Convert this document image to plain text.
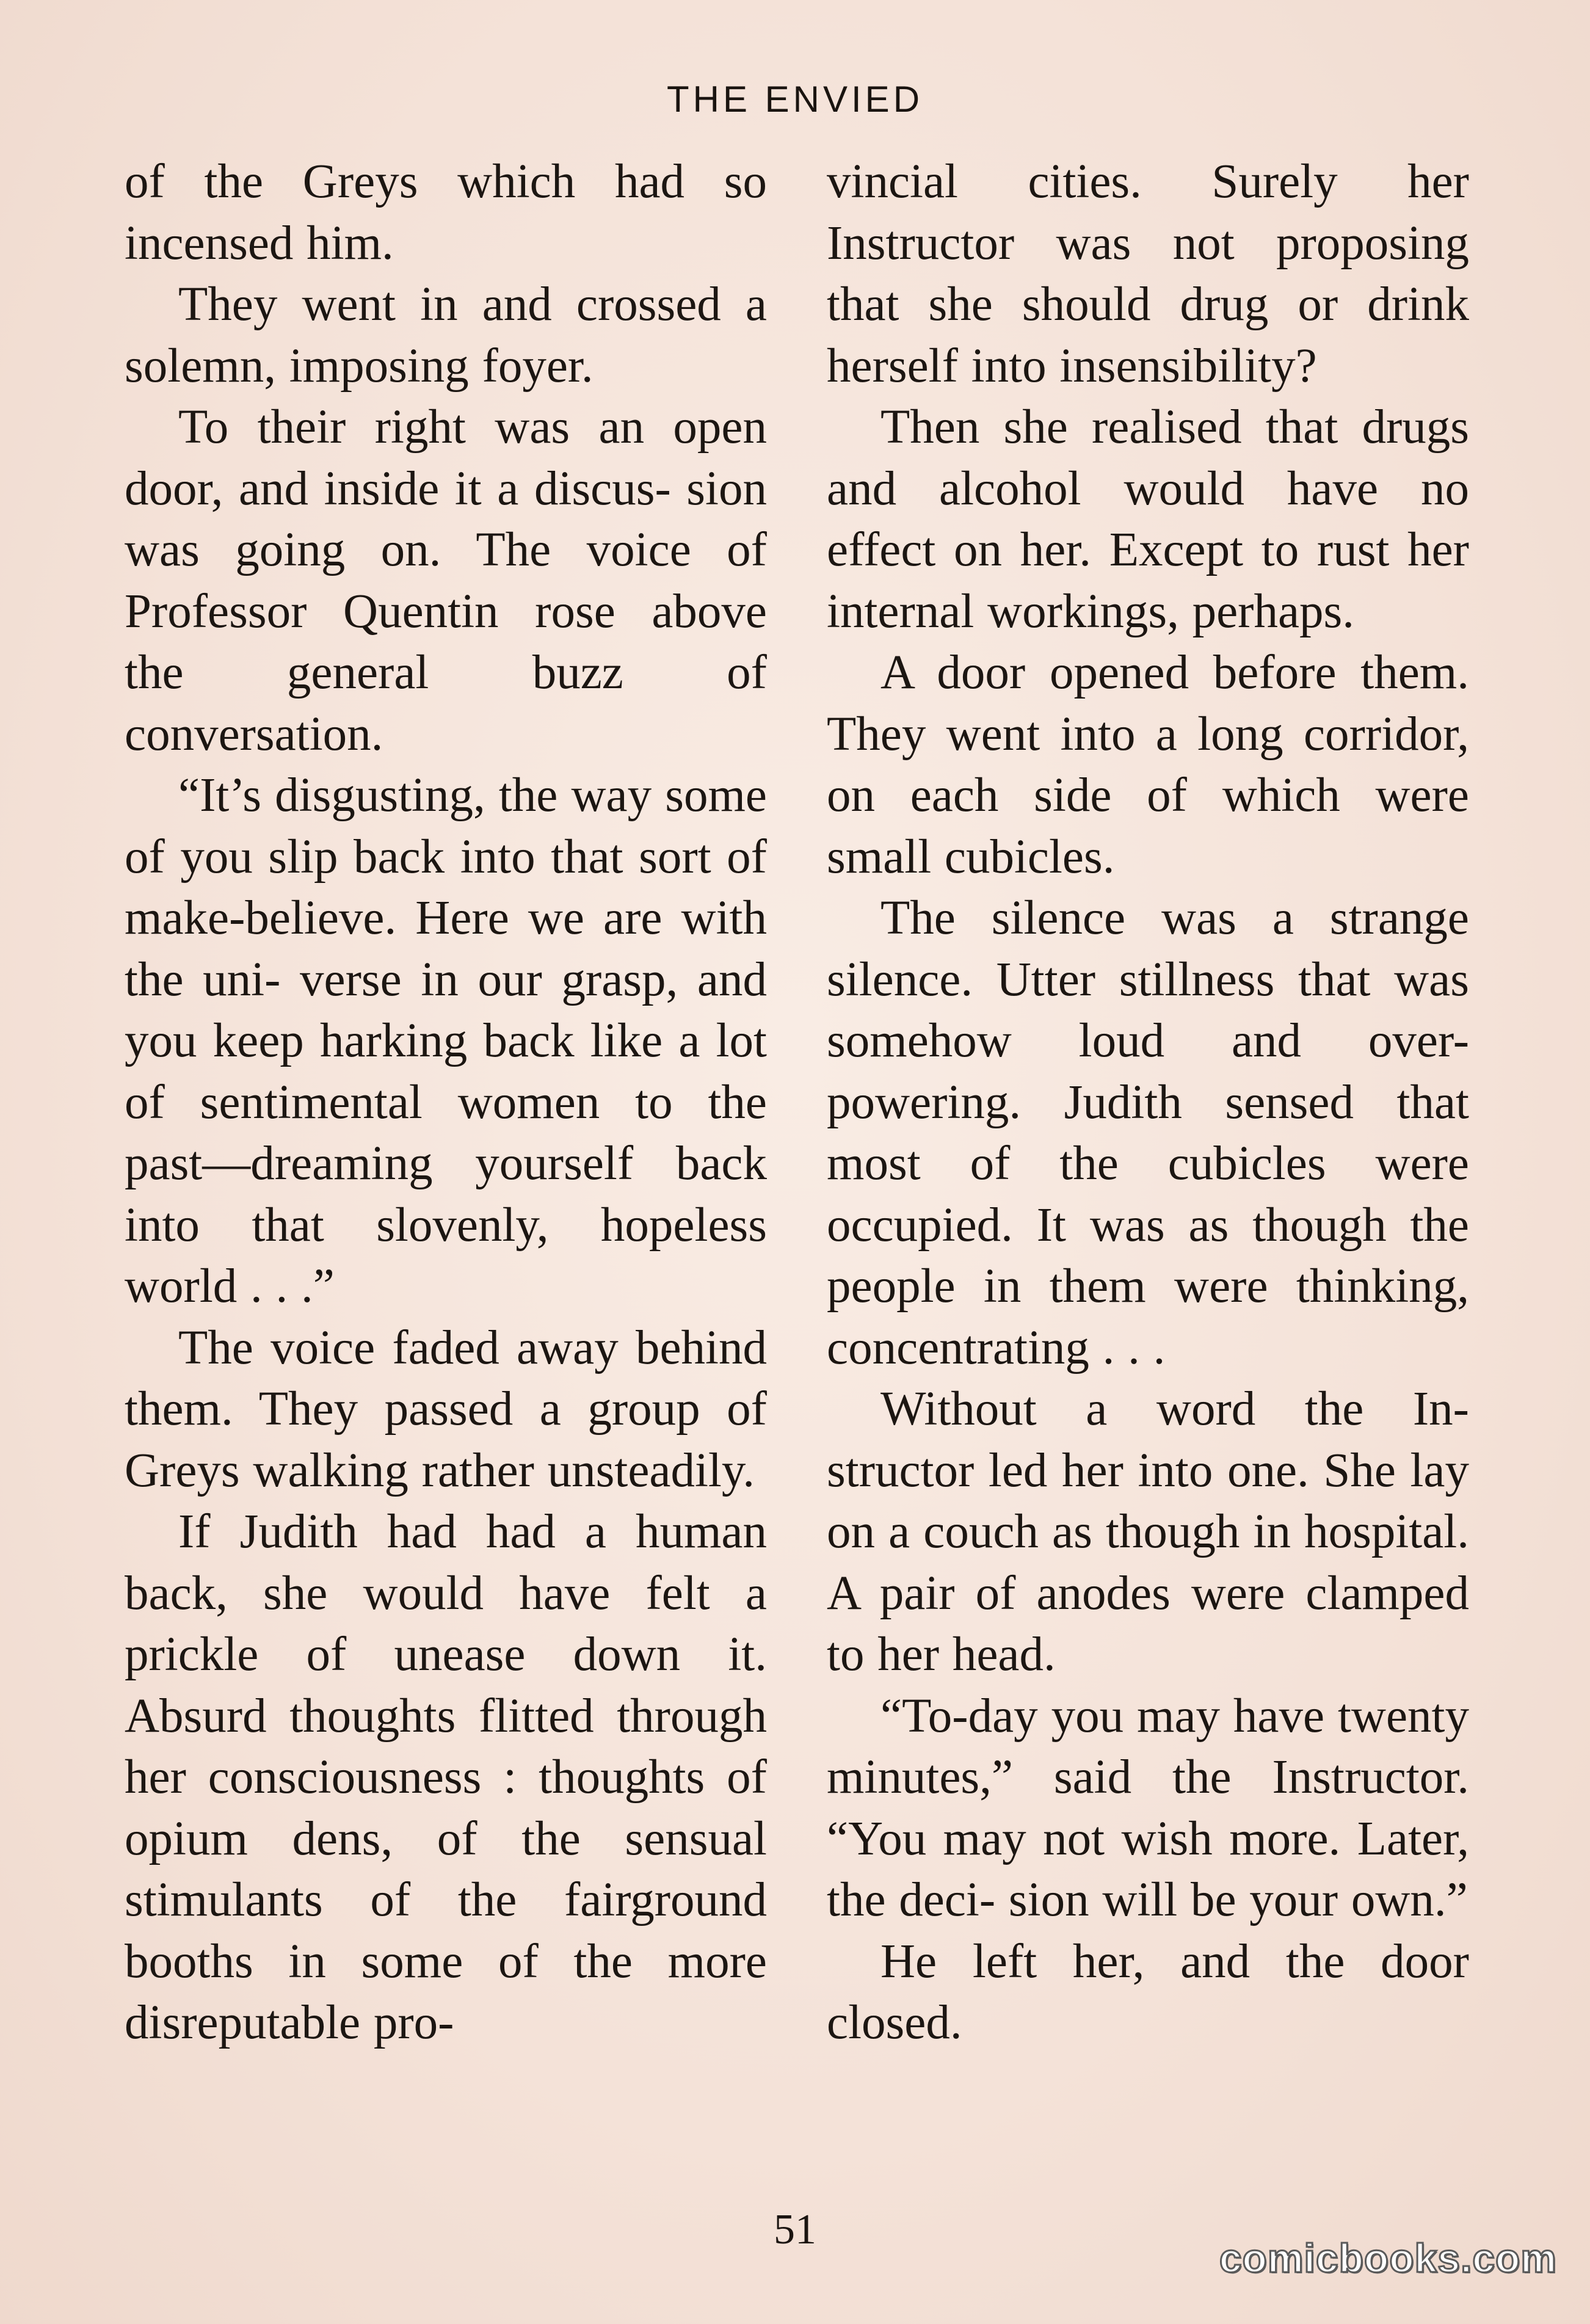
THE ENVIED

of the Greys which had so incensed him.

They went in and crossed a solemn, imposing foyer.

To their right was an open door, and inside it a discus- sion was going on. The voice of Professor Quentin rose above the general buzz of conversation.

“It’s disgusting, the way some of you slip back into that sort of make-believe. Here we are with the uni- verse in our grasp, and you keep harking back like a lot of sentimental women to the past—dreaming yourself back into that slovenly, hopeless world . . .”

The voice faded away behind them. They passed a group of Greys walking rather unsteadily.

If Judith had had a human back, she would have felt a prickle of unease down it. Absurd thoughts flitted through her consciousness : thoughts of opium dens, of the sensual stimulants of the fairground booths in some of the more disreputable pro-

vincial cities. Surely her Instructor was not proposing that she should drug or drink herself into insensibility?

Then she realised that drugs and alcohol would have no effect on her. Except to rust her internal workings, perhaps.

A door opened before them. They went into a long corridor, on each side of which were small cubicles.

The silence was a strange silence. Utter stillness that was somehow loud and over- powering. Judith sensed that most of the cubicles were occupied. It was as though the people in them were thinking, concentrating . . .

Without a word the In- structor led her into one. She lay on a couch as though in hospital. A pair of anodes were clamped to her head.

“To-day you may have twenty minutes,” said the Instructor. “You may not wish more. Later, the deci- sion will be your own.”

He left her, and the door closed.

51
comicbooks.com
